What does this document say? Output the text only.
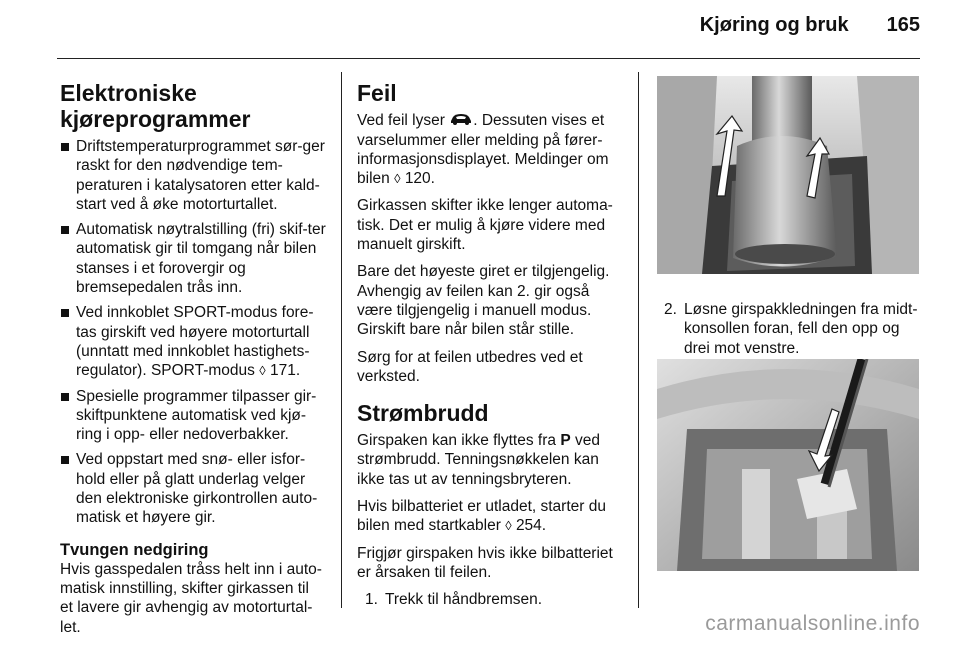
Kjøring og bruk 165
Elektroniske
kjøreprogrammer
Driftstemperaturprogrammet sør-ger raskt for den nødvendige tem-peraturen i katalysatoren etter kald-start ved å øke motorturtallet.
Automatisk nøytralstilling (fri) skif-ter automatisk gir til tomgang når bilen stanses i et forovergir og bremsepedalen trås inn.
Ved innkoblet SPORT-modus fore-tas girskift ved høyere motorturtall (unntatt med innkoblet hastighets-regulator). SPORT-modus ◊ 171.
Spesielle programmer tilpasser gir-skiftpunktene automatisk ved kjø-ring i opp- eller nedoverbakker.
Ved oppstart med snø- eller isfor-hold eller på glatt underlag velger den elektroniske girkontrollen auto-matisk et høyere gir.
Tvungen nedgiring

Hvis gasspedalen tråss helt inn i auto-matisk innstilling, skifter girkassen til et lavere gir avhengig av motorturtal-let.

Feil

Ved feil lyser . Dessuten vises et varselummer eller melding på fører-informasjonsdisplayet. Meldinger om bilen ◊ 120.

Girkassen skifter ikke lenger automa-tisk. Det er mulig å kjøre videre med manuelt girskift.

Bare det høyeste giret er tilgjengelig. Avhengig av feilen kan 2. gir også være tilgjengelig i manuell modus. Girskift bare når bilen står stille.

Sørg for at feilen utbedres ved et verksted.

Strømbrudd

Girspaken kan ikke flyttes fra P ved strømbrudd. Tenningsnøkkelen kan ikke tas ut av tenningsbryteren.

Hvis bilbatteriet er utladet, starter du bilen med startkabler ◊ 254.

Frigjør girspaken hvis ikke bilbatteriet er årsaken til feilen.

1. Trekk til håndbremsen.
2. Løsne girspakkledningen fra midt-konsollen foran, fell den opp og drei mot venstre.
carmanualsonline.info
